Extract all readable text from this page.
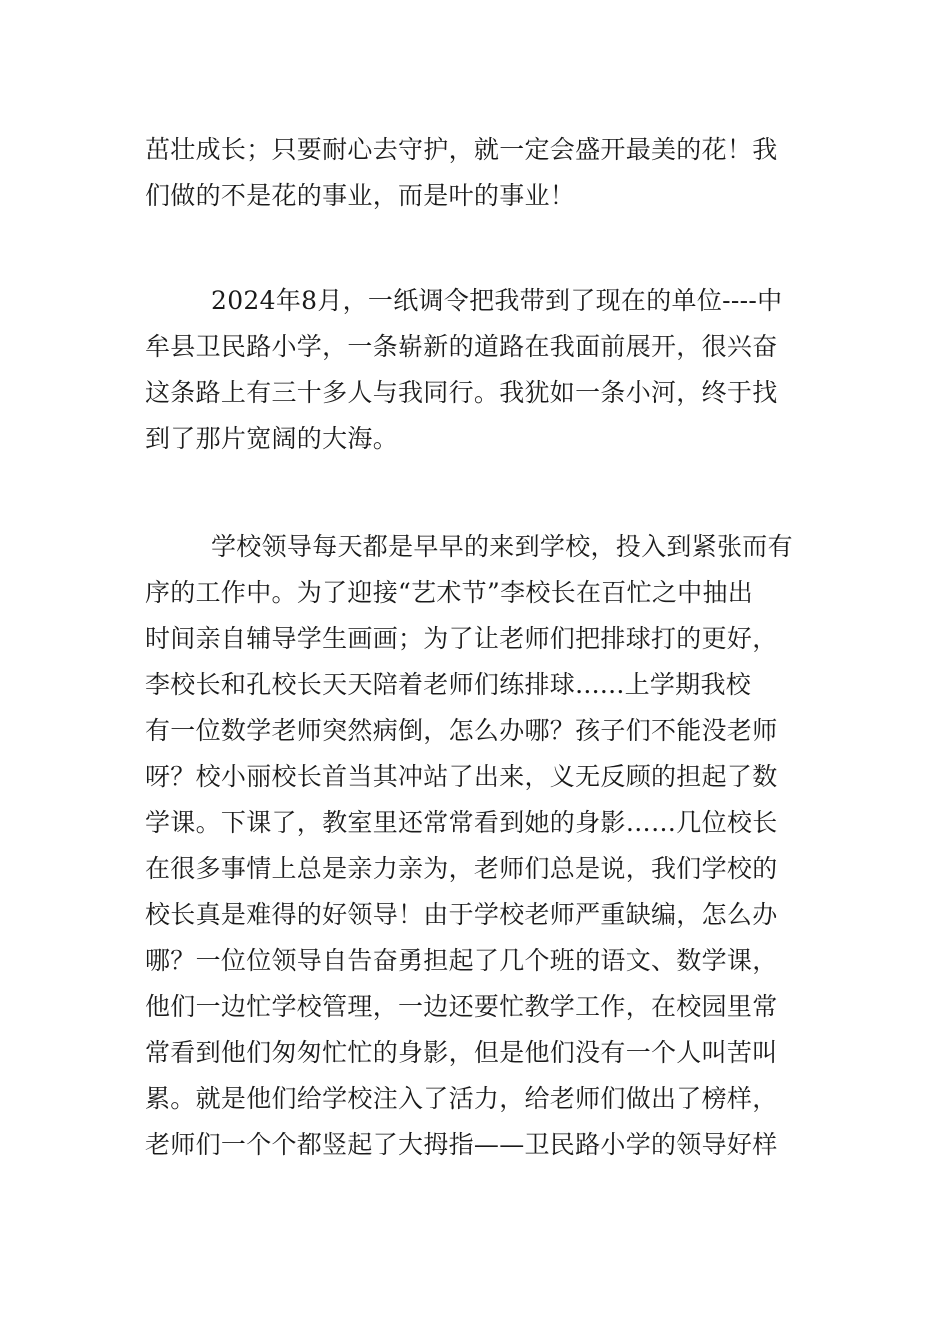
茁壮成长；只要耐心去守护，就一定会盛开最美的花！我
们做的不是花的事业，而是叶的事业！
2024年8月，一纸调令把我带到了现在的单位----中
牟县卫民路小学，一条崭新的道路在我面前展开，很兴奋
这条路上有三十多人与我同行。我犹如一条小河，终于找
到了那片宽阔的大海。
学校领导每天都是早早的来到学校，投入到紧张而有
序的工作中。为了迎接“艺术节”李校长在百忙之中抽出
时间亲自辅导学生画画；为了让老师们把排球打的更好，
李校长和孔校长天天陪着老师们练排球......上学期我校
有一位数学老师突然病倒，怎么办哪？孩子们不能没老师
呀？校小丽校长首当其冲站了出来，义无反顾的担起了数
学课。下课了，教室里还常常看到她的身影……几位校长
在很多事情上总是亲力亲为，老师们总是说，我们学校的
校长真是难得的好领导！由于学校老师严重缺编，怎么办
哪？一位位领导自告奋勇担起了几个班的语文、数学课，
他们一边忙学校管理，一边还要忙教学工作，在校园里常
常看到他们匆匆忙忙的身影，但是他们没有一个人叫苦叫
累。就是他们给学校注入了活力，给老师们做出了榜样，
老师们一个个都竖起了大拇指——卫民路小学的领导好样
